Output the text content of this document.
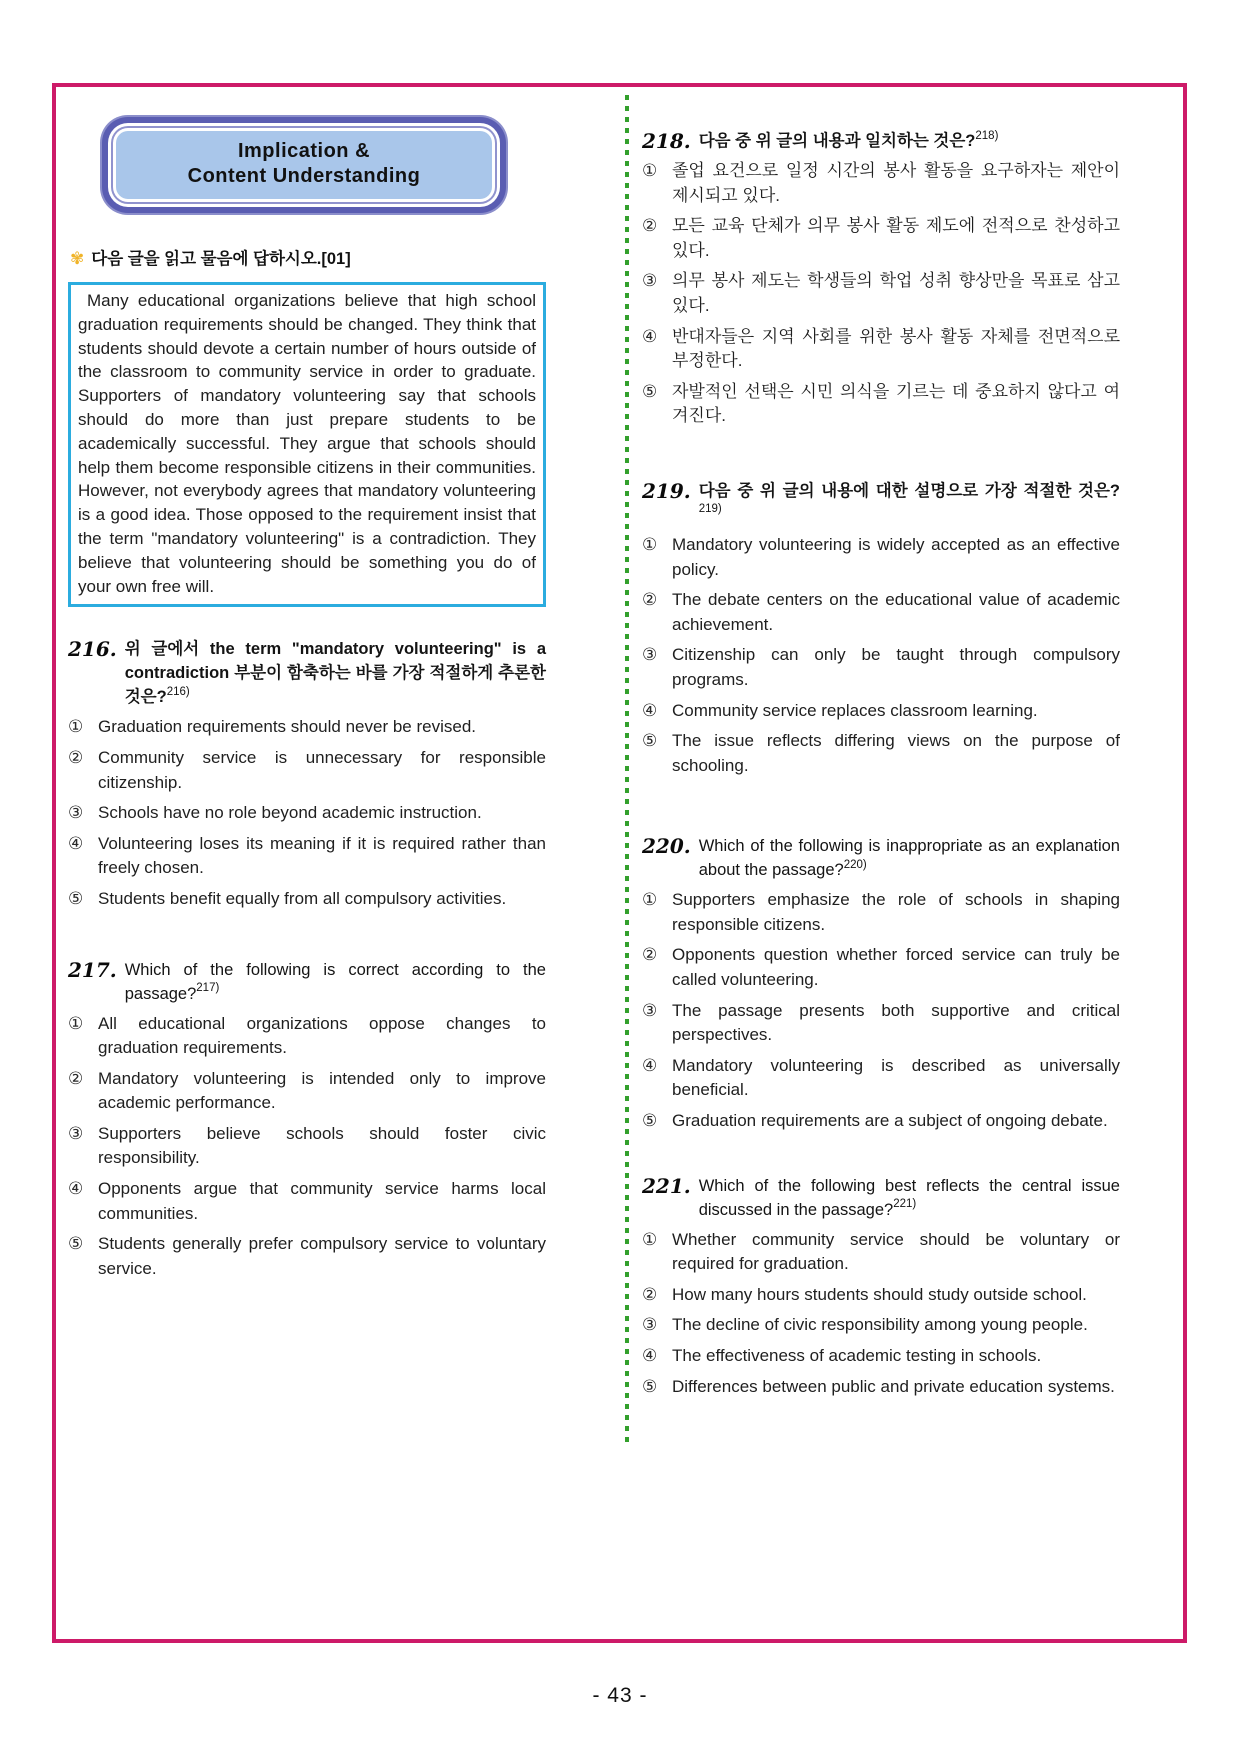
Implication &
Content Understanding
✾ 다음 글을 읽고 물음에 답하시오.[01]

Many educational organizations believe that high school graduation requirements should be changed. They think that students should devote a certain number of hours outside of the classroom to community service in order to graduate. Supporters of mandatory volunteering say that schools should do more than just prepare students to be academically successful. They argue that schools should help them become responsible citizens in their communities. However, not everybody agrees that mandatory volunteering is a good idea. Those opposed to the requirement insist that the term "mandatory volunteering" is a contradiction. They believe that volunteering should be something you do of your own free will.

216. 위 글에서 the term "mandatory volunteering" is a contradiction 부분이 함축하는 바를 가장 적절하게 추론한 것은?$^{216)}$
① Graduation requirements should never be revised.
② Community service is unnecessary for responsible citizenship.
③ Schools have no role beyond academic instruction.
④ Volunteering loses its meaning if it is required rather than freely chosen.
⑤ Students benefit equally from all compulsory activities.
217. Which of the following is correct according to the passage?$^{217)}$
① All educational organizations oppose changes to graduation requirements.
② Mandatory volunteering is intended only to improve academic performance.
③ Supporters believe schools should foster civic responsibility.
④ Opponents argue that community service harms local communities.
⑤ Students generally prefer compulsory service to voluntary service.
218. 다음 중 위 글의 내용과 일치하는 것은?$^{218)}$
① 졸업 요건으로 일정 시간의 봉사 활동을 요구하자는 제안이 제시되고 있다.
② 모든 교육 단체가 의무 봉사 활동 제도에 전적으로 찬성하고 있다.
③ 의무 봉사 제도는 학생들의 학업 성취 향상만을 목표로 삼고 있다.
④ 반대자들은 지역 사회를 위한 봉사 활동 자체를 전면적으로 부정한다.
⑤ 자발적인 선택은 시민 의식을 기르는 데 중요하지 않다고 여겨진다.
219. 다음 중 위 글의 내용에 대한 설명으로 가장 적절한 것은?$^{219)}$
① Mandatory volunteering is widely accepted as an effective policy.
② The debate centers on the educational value of academic achievement.
③ Citizenship can only be taught through compulsory programs.
④ Community service replaces classroom learning.
⑤ The issue reflects differing views on the purpose of schooling.
220. Which of the following is inappropriate as an explanation about the passage?$^{220)}$
① Supporters emphasize the role of schools in shaping responsible citizens.
② Opponents question whether forced service can truly be called volunteering.
③ The passage presents both supportive and critical perspectives.
④ Mandatory volunteering is described as universally beneficial.
⑤ Graduation requirements are a subject of ongoing debate.
221. Which of the following best reflects the central issue discussed in the passage?$^{221)}$
① Whether community service should be voluntary or required for graduation.
② How many hours students should study outside school.
③ The decline of civic responsibility among young people.
④ The effectiveness of academic testing in schools.
⑤ Differences between public and private education systems.
- 43 -
